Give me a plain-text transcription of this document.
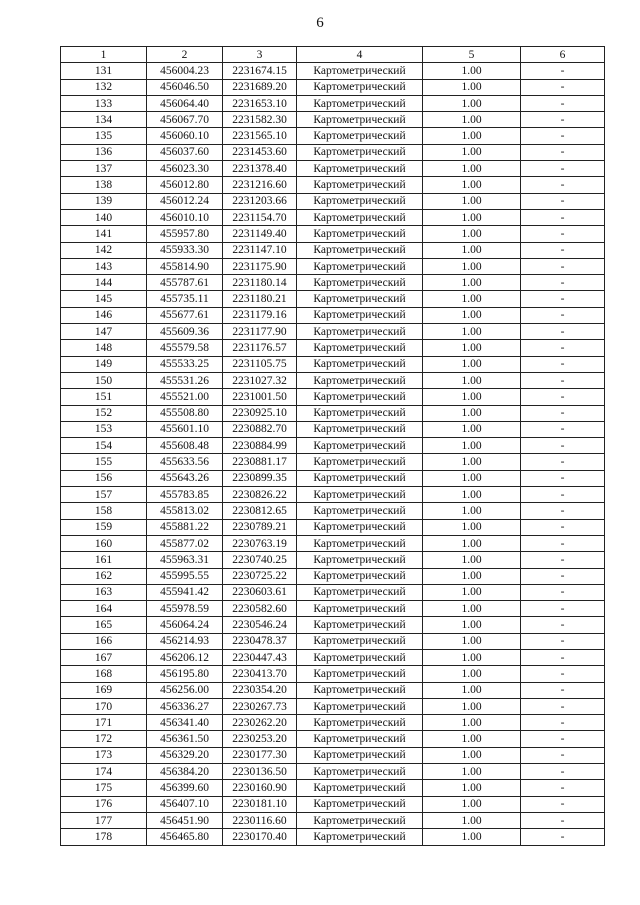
6
1	2	3	4	5	6
131	456004.23	2231674.15	Картометрический	1.00	-
132	456046.50	2231689.20	Картометрический	1.00	-
133	456064.40	2231653.10	Картометрический	1.00	-
134	456067.70	2231582.30	Картометрический	1.00	-
135	456060.10	2231565.10	Картометрический	1.00	-
136	456037.60	2231453.60	Картометрический	1.00	-
137	456023.30	2231378.40	Картометрический	1.00	-
138	456012.80	2231216.60	Картометрический	1.00	-
139	456012.24	2231203.66	Картометрический	1.00	-
140	456010.10	2231154.70	Картометрический	1.00	-
141	455957.80	2231149.40	Картометрический	1.00	-
142	455933.30	2231147.10	Картометрический	1.00	-
143	455814.90	2231175.90	Картометрический	1.00	-
144	455787.61	2231180.14	Картометрический	1.00	-
145	455735.11	2231180.21	Картометрический	1.00	-
146	455677.61	2231179.16	Картометрический	1.00	-
147	455609.36	2231177.90	Картометрический	1.00	-
148	455579.58	2231176.57	Картометрический	1.00	-
149	455533.25	2231105.75	Картометрический	1.00	-
150	455531.26	2231027.32	Картометрический	1.00	-
151	455521.00	2231001.50	Картометрический	1.00	-
152	455508.80	2230925.10	Картометрический	1.00	-
153	455601.10	2230882.70	Картометрический	1.00	-
154	455608.48	2230884.99	Картометрический	1.00	-
155	455633.56	2230881.17	Картометрический	1.00	-
156	455643.26	2230899.35	Картометрический	1.00	-
157	455783.85	2230826.22	Картометрический	1.00	-
158	455813.02	2230812.65	Картометрический	1.00	-
159	455881.22	2230789.21	Картометрический	1.00	-
160	455877.02	2230763.19	Картометрический	1.00	-
161	455963.31	2230740.25	Картометрический	1.00	-
162	455995.55	2230725.22	Картометрический	1.00	-
163	455941.42	2230603.61	Картометрический	1.00	-
164	455978.59	2230582.60	Картометрический	1.00	-
165	456064.24	2230546.24	Картометрический	1.00	-
166	456214.93	2230478.37	Картометрический	1.00	-
167	456206.12	2230447.43	Картометрический	1.00	-
168	456195.80	2230413.70	Картометрический	1.00	-
169	456256.00	2230354.20	Картометрический	1.00	-
170	456336.27	2230267.73	Картометрический	1.00	-
171	456341.40	2230262.20	Картометрический	1.00	-
172	456361.50	2230253.20	Картометрический	1.00	-
173	456329.20	2230177.30	Картометрический	1.00	-
174	456384.20	2230136.50	Картометрический	1.00	-
175	456399.60	2230160.90	Картометрический	1.00	-
176	456407.10	2230181.10	Картометрический	1.00	-
177	456451.90	2230116.60	Картометрический	1.00	-
178	456465.80	2230170.40	Картометрический	1.00	-
